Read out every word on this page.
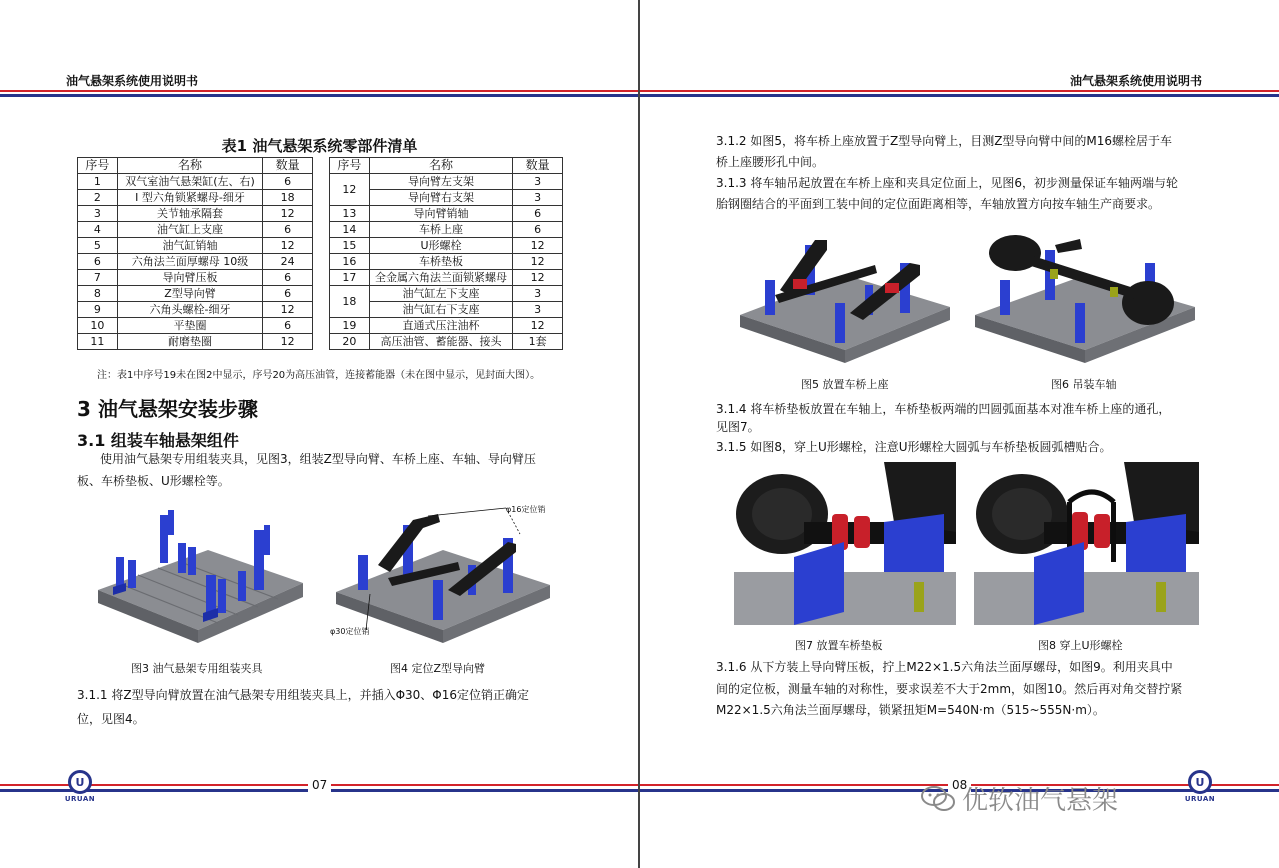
油气悬架系统使用说明书
表1 油气悬架系统零部件清单
序号	名称	数量
1	双气室油气悬架缸(左、右)	6
2	I 型六角锁紧螺母-细牙	18
3	关节轴承隔套	12
4	油气缸上支座	6
5	油气缸销轴	12
6	六角法兰面厚螺母 10级	24
7	导向臂压板	6
8	Z型导向臂	6
9	六角头螺栓-细牙	12
10	平垫圈	6
11	耐磨垫圈	12
序号	名称	数量
12	导向臂左支架	3
	导向臂右支架	3
13	导向臂销轴	6
14	车桥上座	6
15	U形螺栓	12
16	车桥垫板	12
17	全金属六角法兰面锁紧螺母	12
18	油气缸左下支座	3
	油气缸右下支座	3
19	直通式压注油杯	12
20	高压油管、蓄能器、接头	1套
注：表1中序号19未在图2中显示，序号20为高压油管，连接蓄能器（未在图中显示，见封面大图）。
3 油气悬架安装步骤
3.1 组装车轴悬架组件
使用油气悬架专用组装夹具，见图3，组装Z型导向臂、车桥上座、车轴、导向臂压
板、车桥垫板、U形螺栓等。
φ16定位销
φ30定位销
图3 油气悬架专用组装夹具	图4 定位Z型导向臂
3.1.1 将Z型导向臂放置在油气悬架专用组装夹具上，并插入Φ30、Φ16定位销正确定
位，见图4。
U
URUAN
07
油气悬架系统使用说明书
3.1.2 如图5，将车桥上座放置于Z型导向臂上，目测Z型导向臂中间的M16螺栓居于车
桥上座腰形孔中间。
3.1.3 将车轴吊起放置在车桥上座和夹具定位面上，见图6，初步测量保证车轴两端与轮
胎钢圈结合的平面到工装中间的定位面距离相等，车轴放置方向按车轴生产商要求。
图5 放置车桥上座	图6 吊装车轴
3.1.4 将车桥垫板放置在车轴上，车桥垫板两端的凹圆弧面基本对准车桥上座的通孔，
见图7。
3.1.5 如图8，穿上U形螺栓，注意U形螺栓大圆弧与车桥垫板圆弧槽贴合。
图7 放置车桥垫板	图8 穿上U形螺栓
3.1.6 从下方装上导向臂压板，拧上M22×1.5六角法兰面厚螺母，如图9。利用夹具中
间的定位板，测量车轴的对称性，要求误差不大于2mm，如图10。然后再对角交替拧紧
M22×1.5六角法兰面厚螺母，锁紧扭矩M=540N·m（515~555N·m）。
08	U
URUAN
优软油气悬架
